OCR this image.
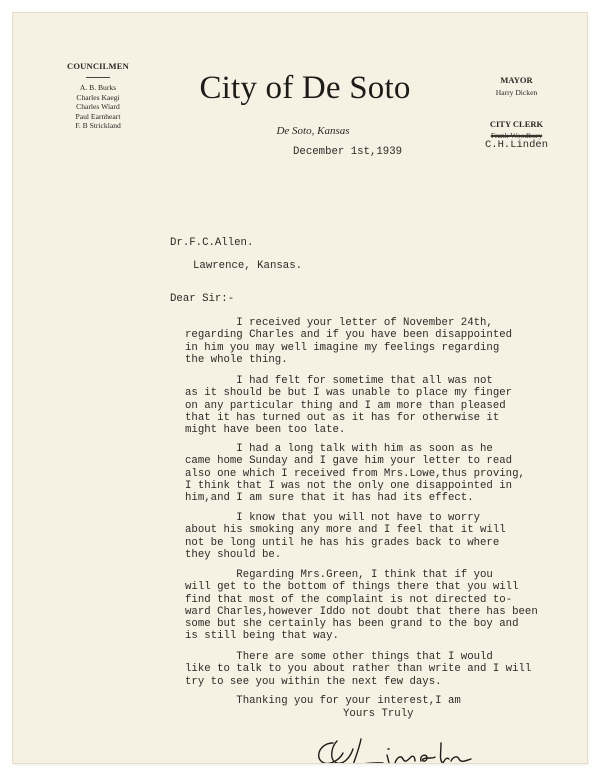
COUNCILMEN
A. B. Burks
Charles Kaegi
Charles Wiard
Paul Earnheart
F. B Strickland
City of De Soto
De Soto, Kansas
MAYOR
Harry Dicken
CITY CLERK
Frank Woodbury
C.H.Linden
December 1st,1939
Dr.F.C.Allen.
Lawrence, Kansas.
Dear Sir:-
I received your letter of November 24th,
regarding Charles and if you have been disappointed
in him you may well imagine my feelings regarding
the whole thing.
I had felt for sometime that all was not
as it should be but I was unable to place my finger
on any particular thing and I am more than pleased
that it has turned out as it has for otherwise it
might have been too late.
I had a long talk with him as soon as he
came home Sunday and I gave him your letter to read
also one which I received from Mrs.Lowe,thus proving,
I think that I was not the only one disappointed in
him,and I am sure that it has had its effect.
I know that you will not have to worry
about his smoking any more and I feel that it will
not be long until he has his grades back to where
they should be.
Regarding Mrs.Green, I think that if you
will get to the bottom of things there that you will
find that most of the complaint is not directed to-
ward Charles,however Iddo not doubt that there has been
some but she certainly has been grand to the boy and
is still being that way.
There are some other things that I would
like to talk to you about rather than write and I will
try to see you within the next few days.
Thanking you for your interest,I am
Yours Truly
